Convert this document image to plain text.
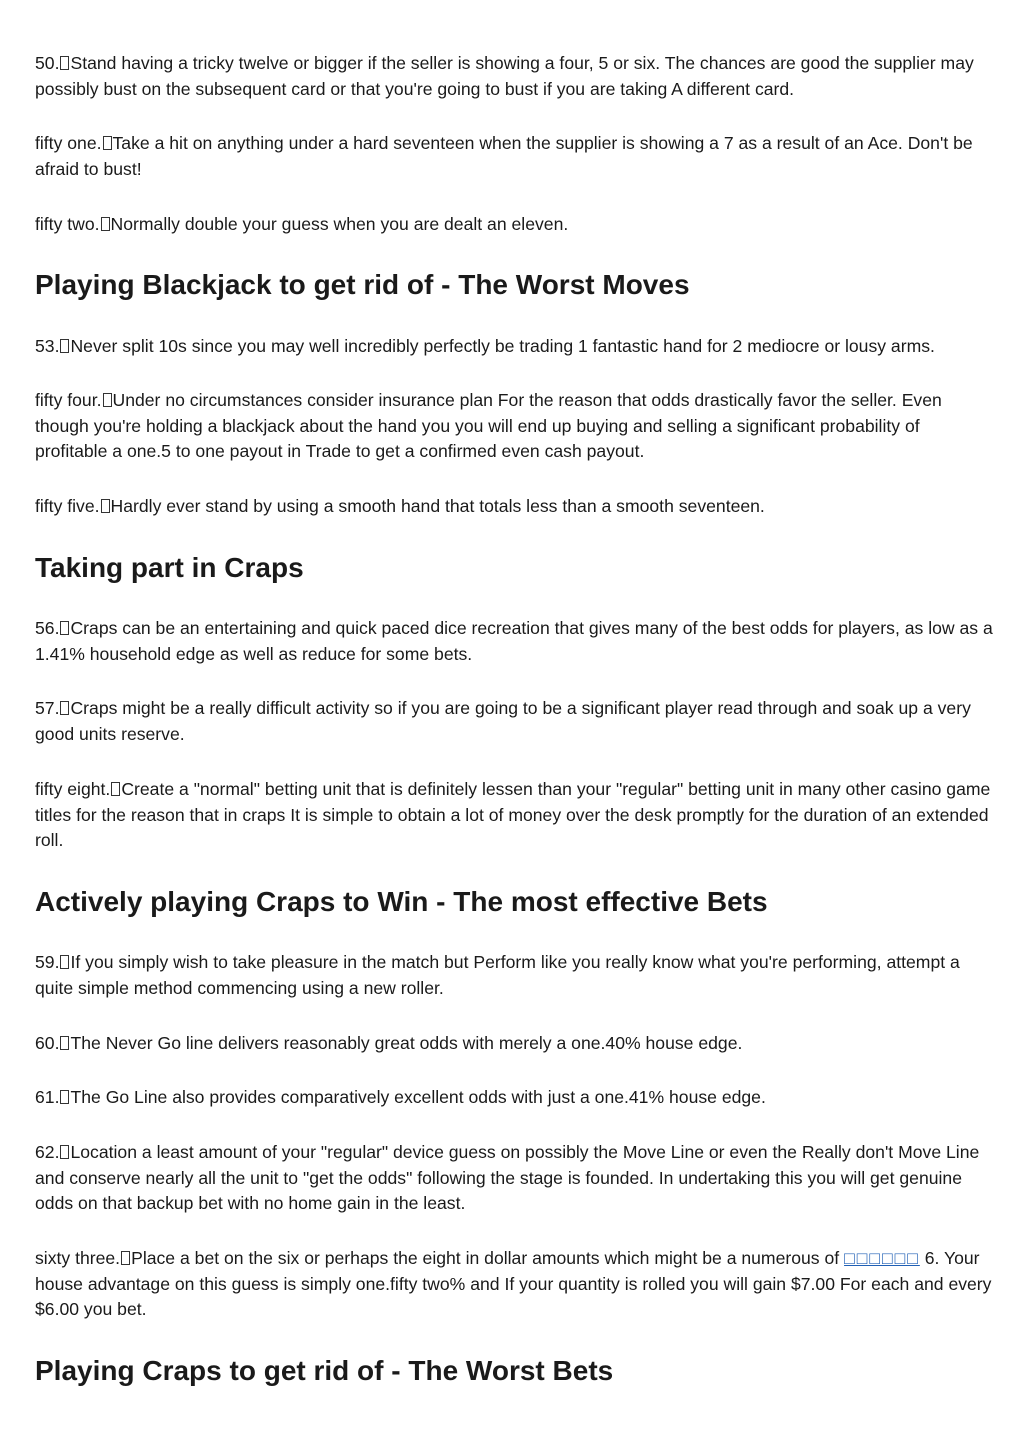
50. Stand having a tricky twelve or bigger if the seller is showing a four, 5 or six. The chances are good the supplier may possibly bust on the subsequent card or that you're going to bust if you are taking A different card.

fifty one. Take a hit on anything under a hard seventeen when the supplier is showing a 7 as a result of an Ace. Don't be afraid to bust!

fifty two. Normally double your guess when you are dealt an eleven.

Playing Blackjack to get rid of - The Worst Moves

53. Never split 10s since you may well incredibly perfectly be trading 1 fantastic hand for 2 mediocre or lousy arms.

fifty four. Under no circumstances consider insurance plan For the reason that odds drastically favor the seller. Even though you're holding a blackjack about the hand you you will end up buying and selling a significant probability of profitable a one.5 to one payout in Trade to get a confirmed even cash payout.

fifty five. Hardly ever stand by using a smooth hand that totals less than a smooth seventeen.

Taking part in Craps

56. Craps can be an entertaining and quick paced dice recreation that gives many of the best odds for players, as low as a 1.41% household edge as well as reduce for some bets.

57. Craps might be a really difficult activity so if you are going to be a significant player read through and soak up a very good units reserve.

fifty eight. Create a "normal" betting unit that is definitely lessen than your "regular" betting unit in many other casino game titles for the reason that in craps It is simple to obtain a lot of money over the desk promptly for the duration of an extended roll.

Actively playing Craps to Win - The most effective Bets

59. If you simply wish to take pleasure in the match but Perform like you really know what you're performing, attempt a quite simple method commencing using a new roller.

60. The Never Go line delivers reasonably great odds with merely a one.40% house edge.

61. The Go Line also provides comparatively excellent odds with just a one.41% house edge.

62. Location a least amount of your "regular" device guess on possibly the Move Line or even the Really don't Move Line and conserve nearly all the unit to "get the odds" following the stage is founded. In undertaking this you will get genuine odds on that backup bet with no home gain in the least.

sixty three. Place a bet on the six or perhaps the eight in dollar amounts which might be a numerous of □□□□□□ 6. Your house advantage on this guess is simply one.fifty two% and If your quantity is rolled you will gain $7.00 For each and every $6.00 you bet.

Playing Craps to get rid of - The Worst Bets
